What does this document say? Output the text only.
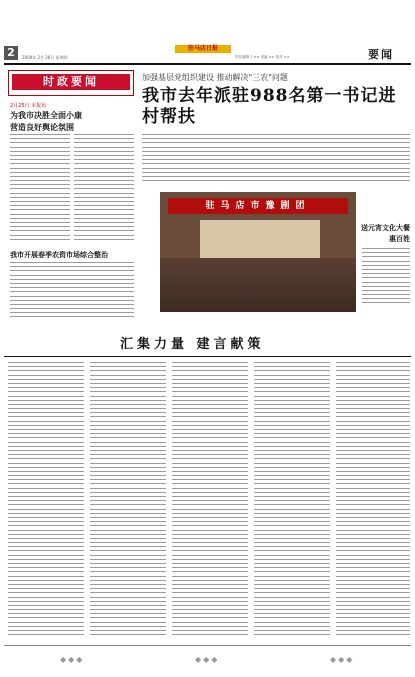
2	2009年 2月 26日 星期四
驻马店日报
责任编辑 王×× 美编 ×× 校对 ××	要闻
时政要闻
2月25日 本报讯
为我市决胜全面小康
营造良好舆论氛围
我市开展春季农资市场综合整治
加强基层党组织建设 推动解决"三农"问题
我市去年派驻988名第一书记进村帮扶
驻马店市豫剧团
送元宵文化大餐惠百姓
汇集力量 建言献策
◆◆◆	◆◆◆	◆◆◆
